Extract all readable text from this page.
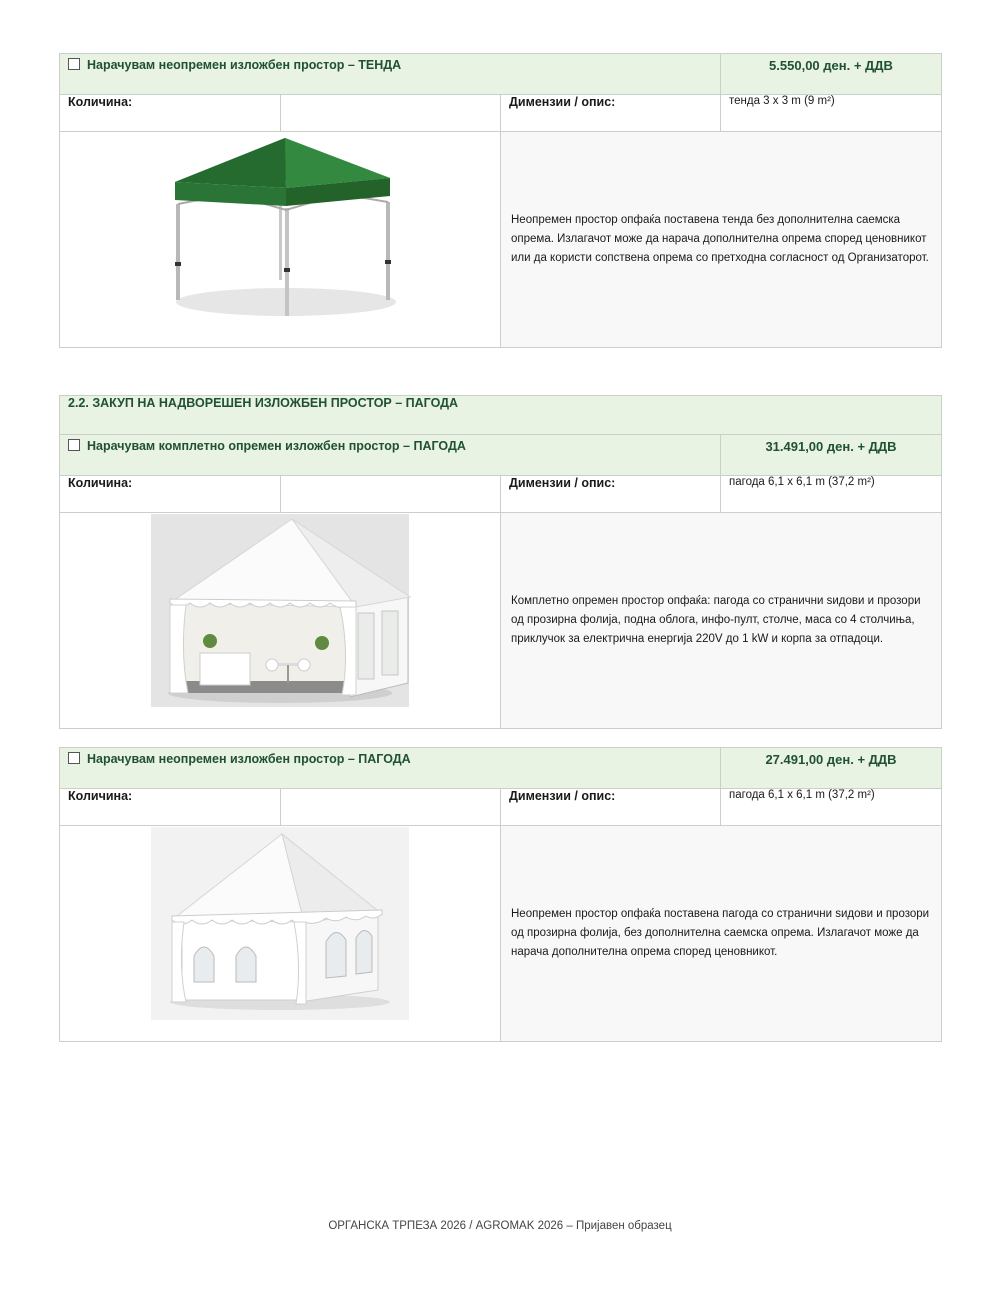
Нарачувам неопремен изложбен простор – ТЕНДА			5.550,00 ден. + ДДВ
Количина:		Димензии / опис:	тенда 3 x 3 m (9 m²)
	Неопремен простор опфаќа поставена тенда без дополнителна саемска опрема. Излагачот може да нарача дополнителна опрема според ценовникот или да користи сопствена опрема со претходна согласност од Организаторот.	
2.2. ЗАКУП НА НАДВОРЕШЕН ИЗЛОЖБЕН ПРОСТОР – ПАГОДА			
Нарачувам комплетно опремен изложбен простор – ПАГОДА			31.491,00 ден. + ДДВ
Количина:		Димензии / опис:	пагода 6,1 x 6,1 m (37,2 m²)
	Комплетно опремен простор опфаќа: пагода со странични ѕидови и прозори од прозирна фолија, подна облога, инфо-пулт, столче, маса со 4 столчиња, приклучок за електрична енергија 220V до 1 kW и корпа за отпадоци.	
Нарачувам неопремен изложбен простор – ПАГОДА			27.491,00 ден. + ДДВ
Количина:		Димензии / опис:	пагода 6,1 x 6,1 m (37,2 m²)
	Неопремен простор опфаќа поставена пагода со странични ѕидови и прозори од прозирна фолија, без дополнителна саемска опрема. Излагачот може да нарача дополнителна опрема според ценовникот.	
ОРГАНСКА ТРПЕЗА 2026 / AGROMAK 2026 – Пријавен образец
